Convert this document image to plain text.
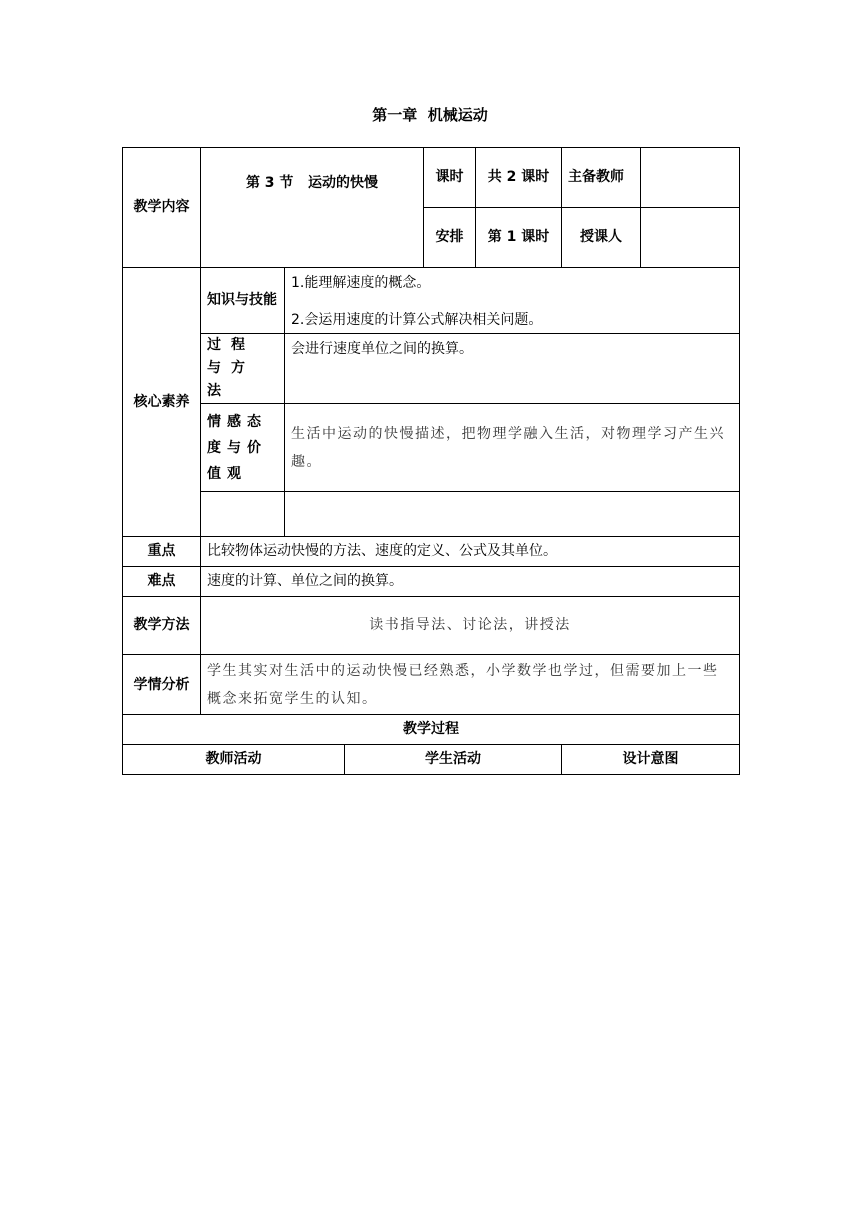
第一章  机械运动
教学内容	第 3 节   运动的快慢			课时	共 2 课时	主备教师	
				安排	第 1 课时	授课人	
核心素养	知识与技能	1.能理解速度的概念。

2.会运用速度的计算公式解决相关问题。					

	过程与方法	会进行速度单位之间的换算。					
	情感态度与价值观	生活中运动的快慢描述，把物理学融入生活，对物理学习产生兴趣。					

重点	比较物体运动快慢的方法、速度的定义、公式及其单位。						
难点	速度的计算、单位之间的换算。						
教学方法	读书指导法、讨论法，讲授法						
学情分析	学生其实对生活中的运动快慢已经熟悉，小学数学也学过，但需要加上一些概念来拓宽学生的认知。						
教学过程							
教师活动			学生活动			设计意图	
